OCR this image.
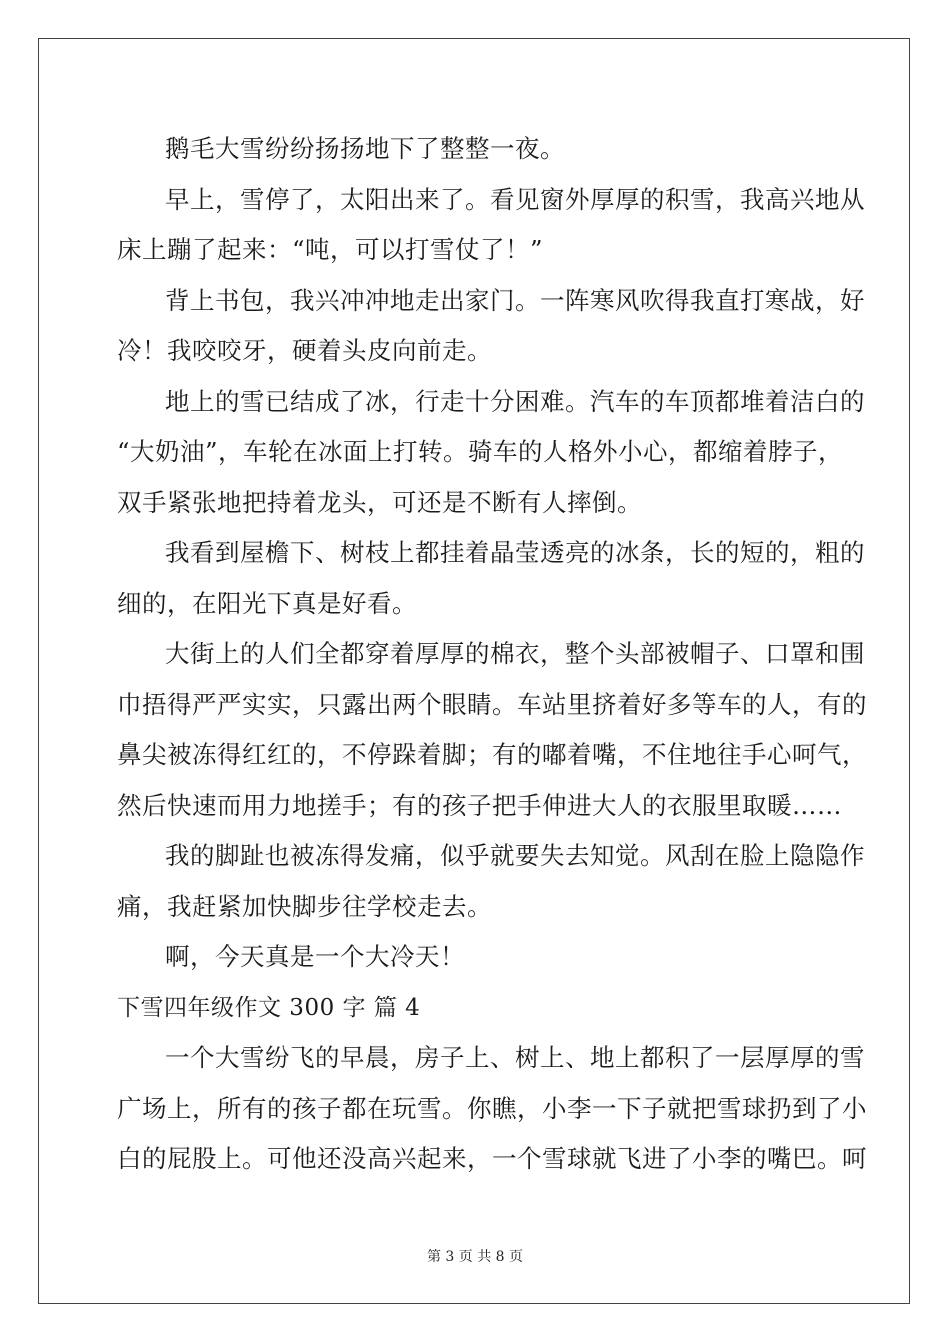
鹅毛大雪纷纷扬扬地下了整整一夜。
早上，雪停了，太阳出来了。看见窗外厚厚的积雪，我高兴地从
床上蹦了起来：“吨，可以打雪仗了！”
背上书包，我兴冲冲地走出家门。一阵寒风吹得我直打寒战，好
冷！我咬咬牙，硬着头皮向前走。
地上的雪已结成了冰，行走十分困难。汽车的车顶都堆着洁白的
“大奶油”，车轮在冰面上打转。骑车的人格外小心，都缩着脖子，
双手紧张地把持着龙头，可还是不断有人摔倒。
我看到屋檐下、树枝上都挂着晶莹透亮的冰条，长的短的，粗的
细的，在阳光下真是好看。
大街上的人们全都穿着厚厚的棉衣，整个头部被帽子、口罩和围
巾捂得严严实实，只露出两个眼睛。车站里挤着好多等车的人，有的
鼻尖被冻得红红的，不停跺着脚；有的嘟着嘴，不住地往手心呵气，
然后快速而用力地搓手；有的孩子把手伸进大人的衣服里取暖……
我的脚趾也被冻得发痛，似乎就要失去知觉。风刮在脸上隐隐作
痛，我赶紧加快脚步往学校走去。
啊，今天真是一个大冷天！
下雪四年级作文 300 字 篇 4
一个大雪纷飞的早晨，房子上、树上、地上都积了一层厚厚的雪
广场上，所有的孩子都在玩雪。你瞧，小李一下子就把雪球扔到了小
白的屁股上。可他还没高兴起来，一个雪球就飞进了小李的嘴巴。呵
第 3 页 共 8 页
